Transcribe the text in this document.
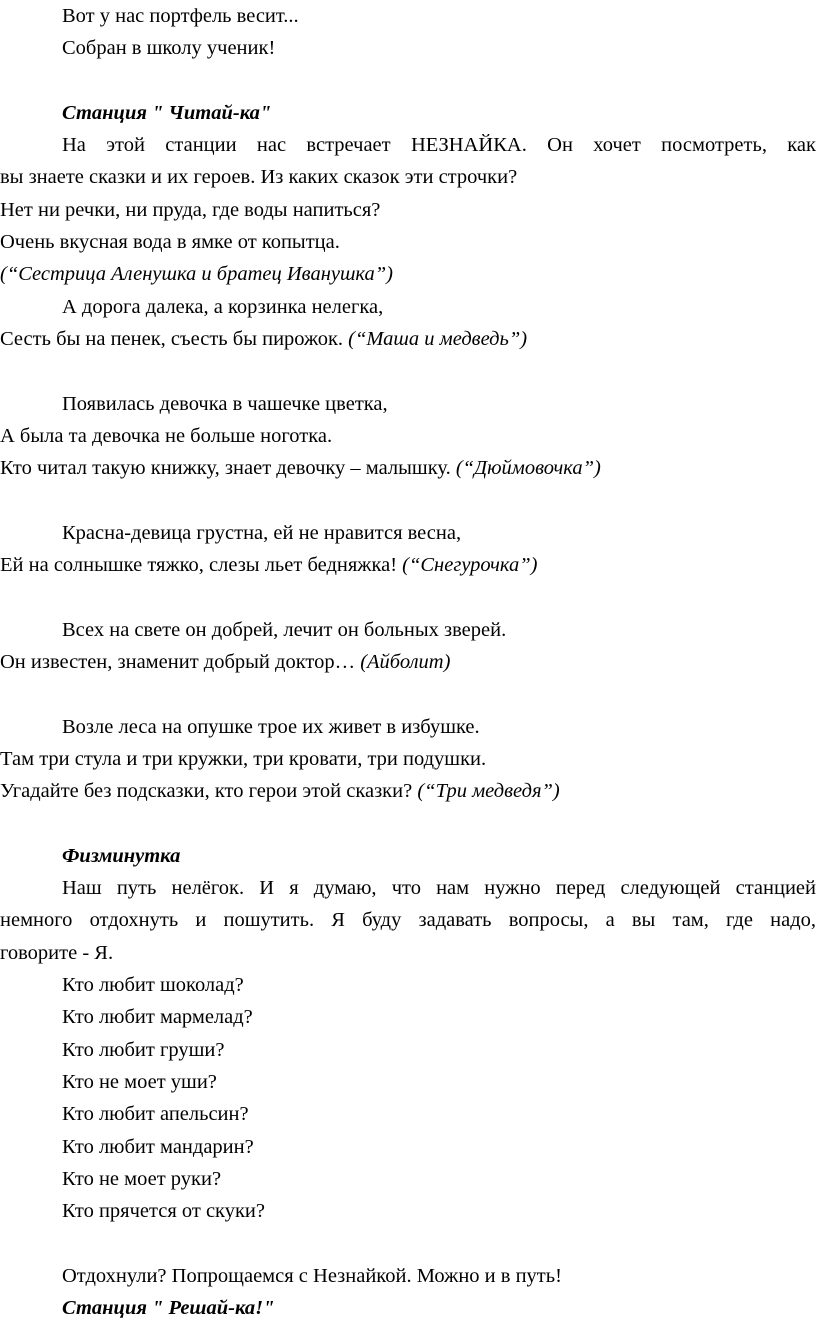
Вот у нас портфель весит...
Собран в школу ученик!
Станция " Читай-ка"
На этой станции нас встречает НЕЗНАЙКА. Он хочет посмотреть, как
вы знаете сказки и их героев. Из каких сказок эти строчки?
Нет ни речки, ни пруда, где воды напиться?
Очень вкусная вода в ямке от копытца.
(“Сестрица Аленушка и братец Иванушка”)
А дорога далека, а корзинка нелегка,
Сесть бы на пенек, съесть бы пирожок. (“Маша и медведь”)
Появилась девочка в чашечке цветка,
А была та девочка не больше ноготка.
Кто читал такую книжку, знает девочку – малышку. (“Дюймовочка”)
Красна-девица грустна, ей не нравится весна,
Ей на солнышке тяжко, слезы льет бедняжка! (“Снегурочка”)
Всех на свете он добрей, лечит он больных зверей.
Он известен, знаменит добрый доктор… (Айболит)
Возле леса на опушке трое их живет в избушке.
Там три стула и три кружки, три кровати, три подушки.
Угадайте без подсказки, кто герои этой сказки? (“Три медведя”)
Физминутка
Наш путь нелёгок. И я думаю, что нам нужно перед следующей станцией
немного отдохнуть и пошутить. Я буду задавать вопросы, а вы там, где надо,
говорите - Я.
Кто любит шоколад?
Кто любит мармелад?
Кто любит груши?
Кто не моет уши?
Кто любит апельсин?
Кто любит мандарин?
Кто не моет руки?
Кто прячется от скуки?
Отдохнули? Попрощаемся с Незнайкой. Можно и в путь!
Станция " Решай-ка!"
